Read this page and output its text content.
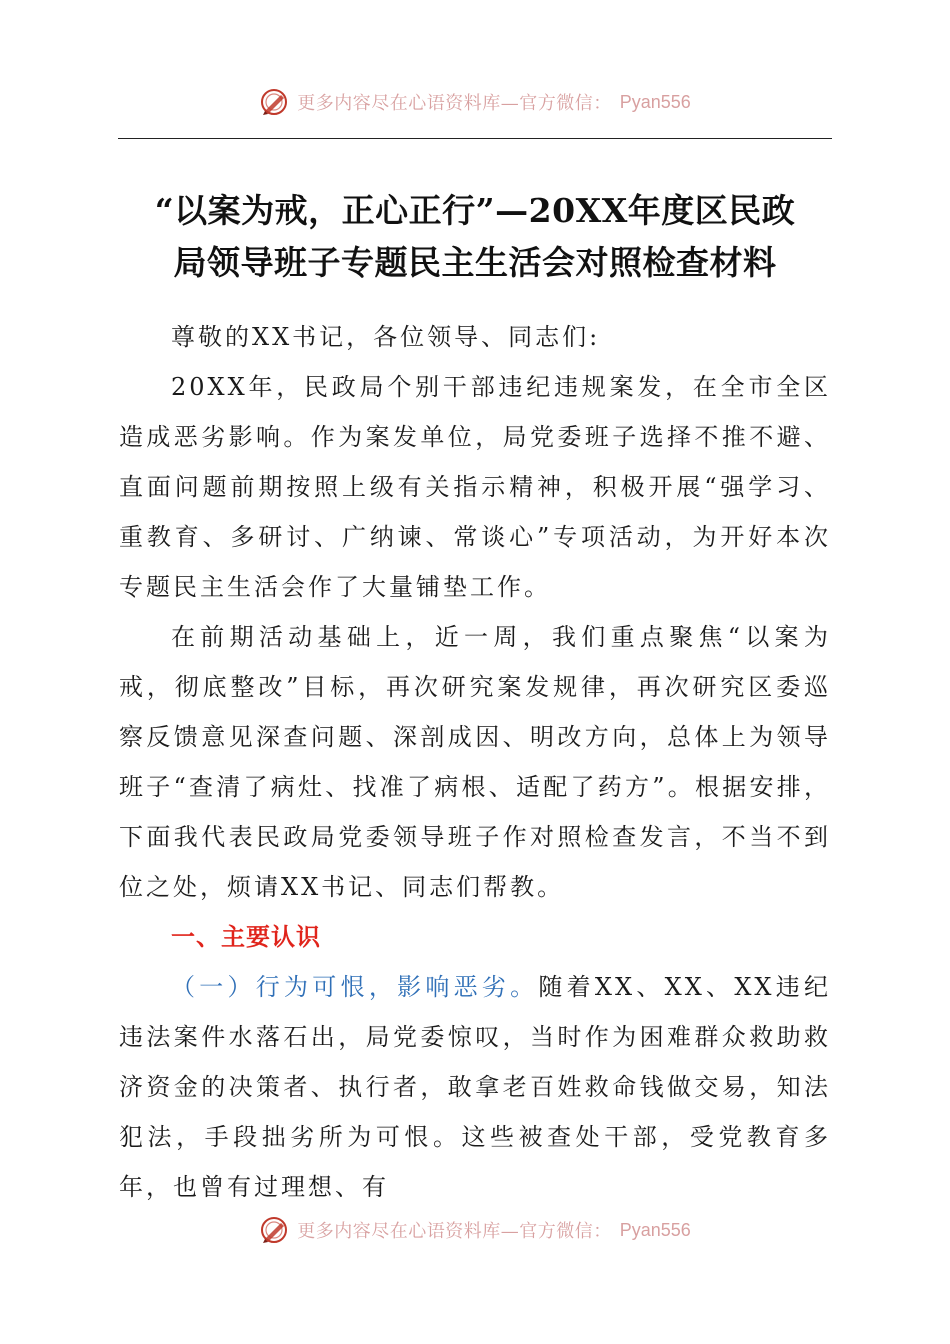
更多内容尽在心语资料库—官方微信： Pyan556
“以案为戒，正心正行”—20XX年度区民政
局领导班子专题民主生活会对照检查材料

尊敬的XX书记，各位领导、同志们:

20XX年，民政局个别干部违纪违规案发，在全市全区造成恶劣影响。作为案发单位，局党委班子选择不推不避、直面问题前期按照上级有关指示精神，积极开展“强学习、重教育、多研讨、广纳谏、常谈心”专项活动，为开好本次专题民主生活会作了大量铺垫工作。

在前期活动基础上，近一周，我们重点聚焦“以案为戒，彻底整改”目标，再次研究案发规律，再次研究区委巡察反馈意见深查问题、深剖成因、明改方向，总体上为领导班子“查清了病灶、找准了病根、适配了药方”。根据安排，下面我代表民政局党委领导班子作对照检查发言，不当不到位之处，烦请XX书记、同志们帮教。

一、主要认识

（一）行为可恨，影响恶劣。随着XX、XX、XX违纪违法案件水落石出，局党委惊叹，当时作为困难群众救助救济资金的决策者、执行者，敢拿老百姓救命钱做交易，知法犯法，手段拙劣所为可恨。这些被查处干部，受党教育多年，也曾有过理想、有

更多内容尽在心语资料库—官方微信： Pyan556
